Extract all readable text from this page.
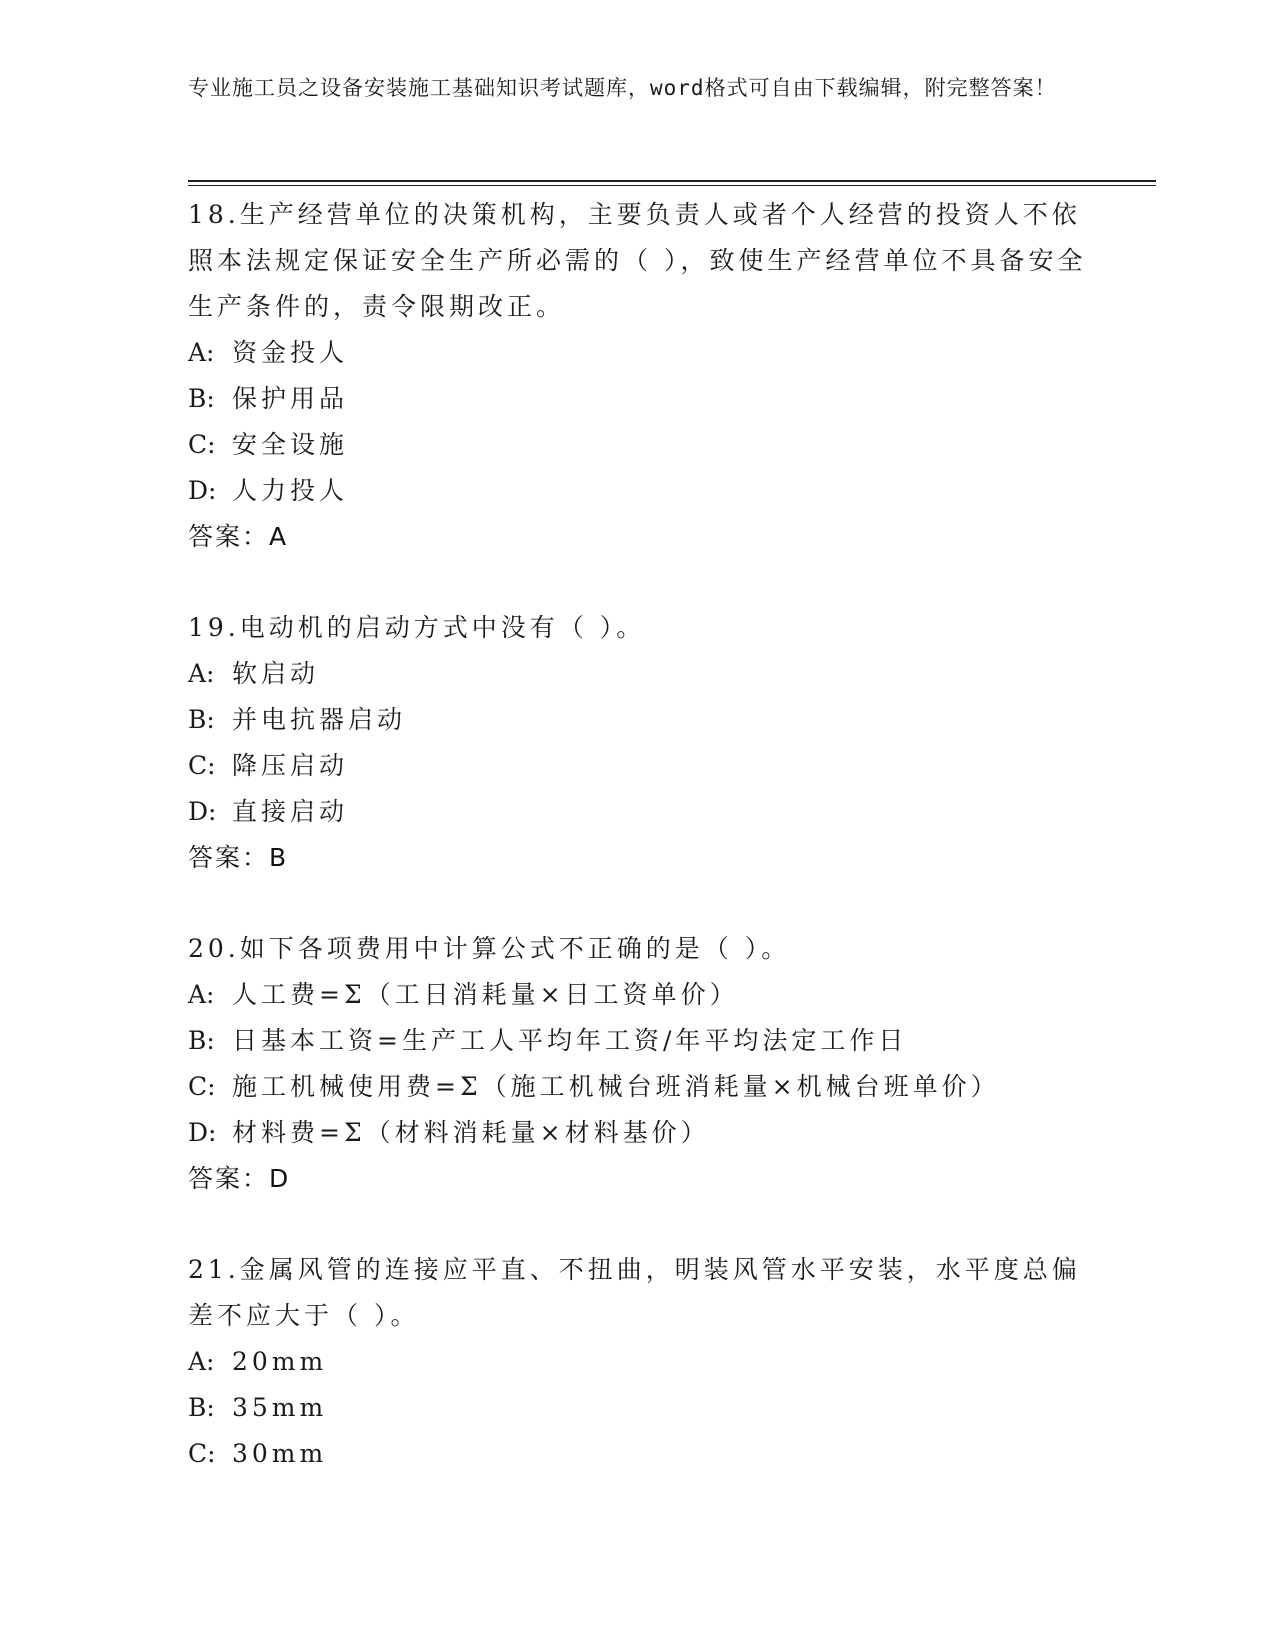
专业施工员之设备安装施工基础知识考试题库，word格式可自由下载编辑，附完整答案！

18.生产经营单位的决策机构，主要负责人或者个人经营的投资人不依照本法规定保证安全生产所必需的（ ），致使生产经营单位不具备安全生产条件的，责令限期改正。

A: 资金投人

B: 保护用品

C: 安全设施

D: 人力投人

答案：A

19.电动机的启动方式中没有（ ）。

A: 软启动

B: 并电抗器启动

C: 降压启动

D: 直接启动

答案：B

20.如下各项费用中计算公式不正确的是（ ）。

A: 人工费=Σ（工日消耗量×日工资单价）

B: 日基本工资=生产工人平均年工资/年平均法定工作日

C: 施工机械使用费=Σ（施工机械台班消耗量×机械台班单价）

D: 材料费=Σ（材料消耗量×材料基价）

答案：D

21.金属风管的连接应平直、不扭曲，明装风管水平安装，水平度总偏差不应大于（ ）。

A: 20mm

B: 35mm

C: 30mm
